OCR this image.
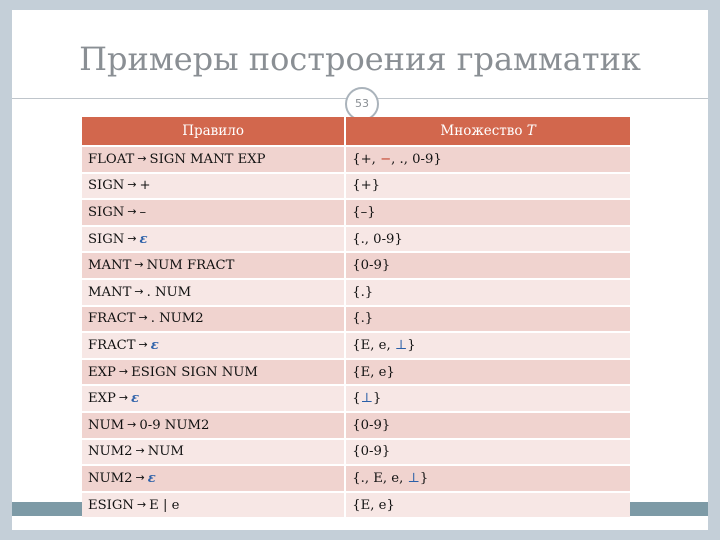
Примеры построения грамматик
53
Правило	Множество T
FLOAT → SIGN MANT EXP	{+, −, ., 0-9}
SIGN → +	{+}
SIGN → –	{–}
SIGN → ε	{., 0-9}
MANT → NUM FRACT	{0-9}
MANT → . NUM	{.}
FRACT → . NUM2	{.}
FRACT → ε	{E, e, ⊥}
EXP → ESIGN SIGN NUM	{E, e}
EXP → ε	{⊥}
NUM → 0-9 NUM2	{0-9}
NUM2 → NUM	{0-9}
NUM2 → ε	{., E, e, ⊥}
ESIGN → E | e	{E, e}
